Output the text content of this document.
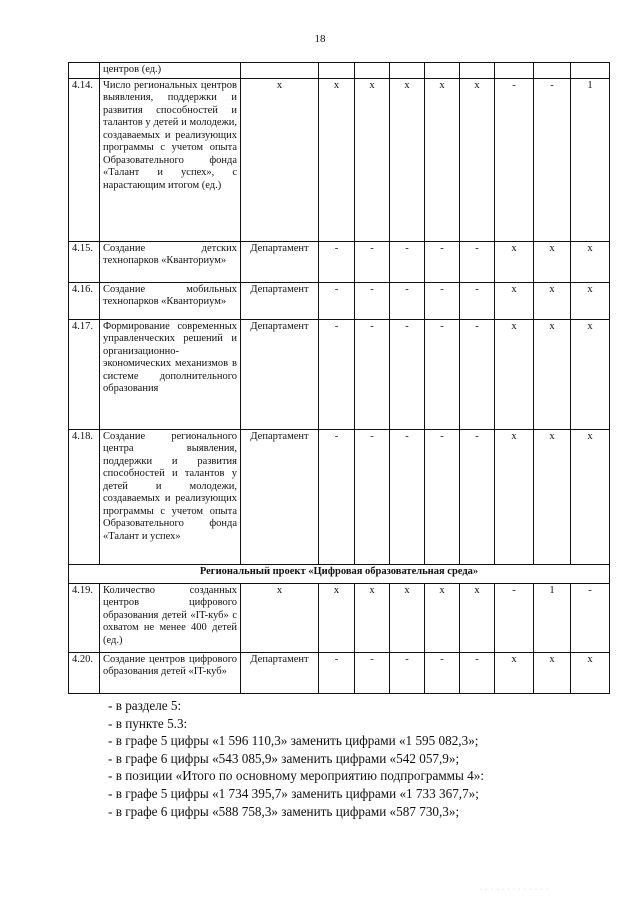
18
	центров (ед.)									
4.14.	Число региональных центров выявления, поддержки и развития способностей и талантов у детей и молодежи, создаваемых и реализующих программы с учетом опыта Образовательного фонда «Талант и успех», с нарастающим итогом (ед.)	х	х	х	х	х	х	-	-	1
4.15.	Создание детских технопарков «Кванториум»	Департамент	-	-	-	-	-	х	х	х
4.16.	Создание мобильных технопарков «Кванториум»	Департамент	-	-	-	-	-	х	х	х
4.17.	Формирование современных управленческих решений и организационно-экономических механизмов в системе дополнительного образования	Департамент	-	-	-	-	-	х	х	х
4.18.	Создание регионального центра выявления, поддержки и развития способностей и талантов у детей и молодежи, создаваемых и реализующих программы с учетом опыта Образовательного фонда «Талант и успех»	Департамент	-	-	-	-	-	х	х	х
Региональный проект «Цифровая образовательная среда»										
4.19.	Количество созданных центров цифрового образования детей «IT-куб» с охватом не менее 400 детей (ед.)	х	х	х	х	х	х	-	1	-
4.20.	Создание центров цифрового образования детей «IT-куб»	Департамент	-	-	-	-	-	х	х	х
- в разделе 5:
- в пункте 5.3:
- в графе 5 цифры «1 596 110,3» заменить цифрами «1 595 082,3»;
- в графе 6 цифры «543 085,9» заменить цифрами «542 057,9»;
- в позиции «Итого по основному мероприятию подпрограммы 4»:
- в графе 5 цифры «1 734 395,7» заменить цифрами «1 733 367,7»;
- в графе 6 цифры «588 758,3» заменить цифрами «587 730,3»;
· · · · · · · · · · · · ·
